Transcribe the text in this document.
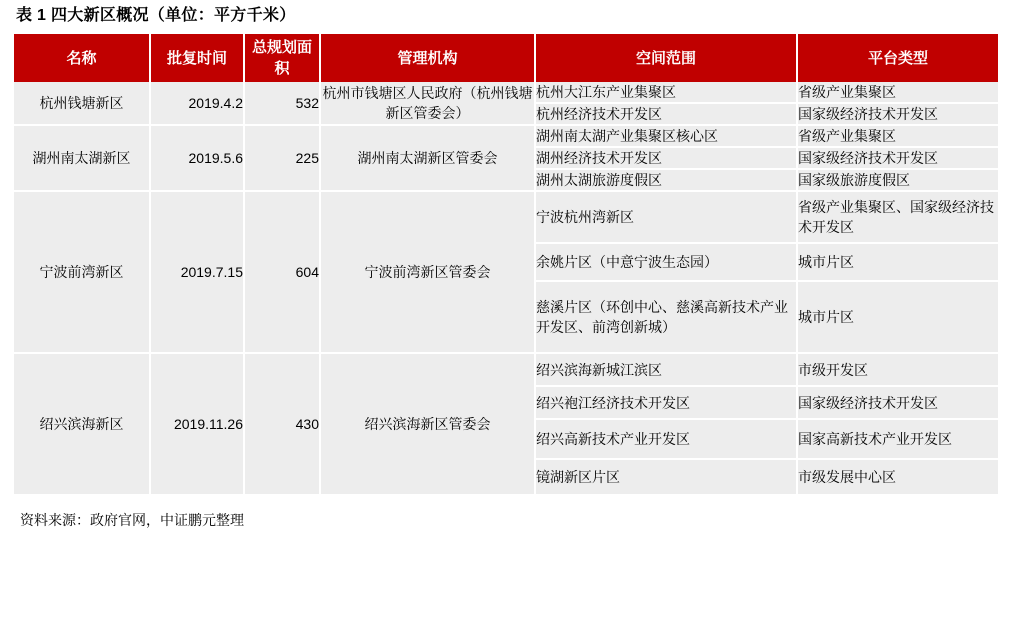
表 1 四大新区概况（单位：平方千米）
名称	批复时间	总规划面积	管理机构	空间范围	平台类型
杭州钱塘新区	2019.4.2	532	杭州市钱塘区人民政府（杭州钱塘新区管委会）	杭州大江东产业集聚区	省级产业集聚区
				杭州经济技术开发区	国家级经济技术开发区
湖州南太湖新区	2019.5.6	225	湖州南太湖新区管委会	湖州南太湖产业集聚区核心区	省级产业集聚区
				湖州经济技术开发区	国家级经济技术开发区
				湖州太湖旅游度假区	国家级旅游度假区
宁波前湾新区	2019.7.15	604	宁波前湾新区管委会	宁波杭州湾新区	省级产业集聚区、国家级经济技术开发区
				余姚片区（中意宁波生态园）	城市片区
				慈溪片区（环创中心、慈溪高新技术产业开发区、前湾创新城）	城市片区
绍兴滨海新区	2019.11.26	430	绍兴滨海新区管委会	绍兴滨海新城江滨区	市级开发区
				绍兴袍江经济技术开发区	国家级经济技术开发区
				绍兴高新技术产业开发区	国家高新技术产业开发区
				镜湖新区片区	市级发展中心区
资料来源：政府官网，中证鹏元整理
